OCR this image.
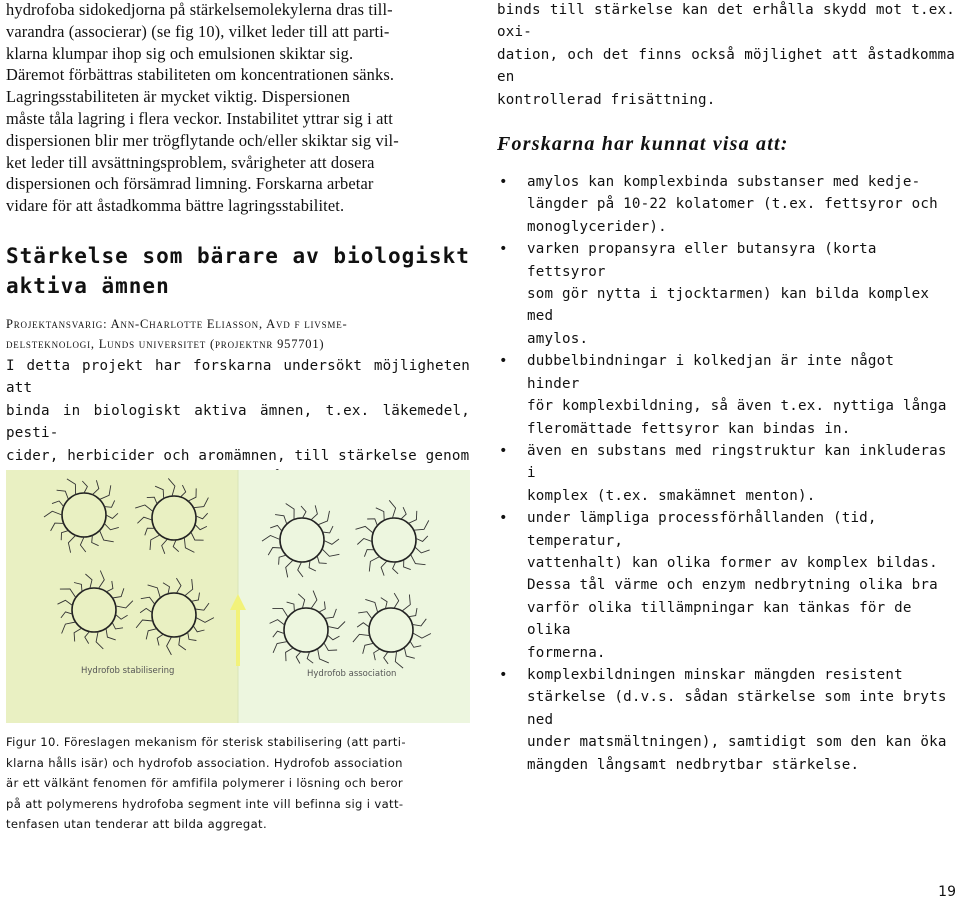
hydrofoba sidokedjorna på stärkelsemolekylerna dras till-
varandra (associerar) (se fig 10), vilket leder till att parti-
klarna klumpar ihop sig och emulsionen skiktar sig.
Däremot förbättras stabiliteten om koncentrationen sänks.
Lagringsstabiliteten är mycket viktig. Dispersionen
måste tåla lagring i flera veckor. Instabilitet yttrar sig i att
dispersionen blir mer trögflytande och/eller skiktar sig vil-
ket leder till avsättningsproblem, svårigheter att dosera
dispersionen och försämrad limning. Forskarna arbetar
vidare för att åstadkomma bättre lagringsstabilitet.
Stärkelse som bärare av biologiskt
aktiva ämnen
Projektansvarig: Ann-Charlotte Eliasson, Avd f livsme-
delsteknologi, Lunds universitet (projektnr 957701)
I detta projekt har forskarna undersökt möjligheten att
binda in biologiskt aktiva ämnen, t.ex. läkemedel, pesti-
cider, herbicider och aromämnen, till stärkelse genom
Hydrofob stabilisering	Hydrofob association
Figur 10. Föreslagen mekanism för sterisk stabilisering (att parti-
klarna hålls isär) och hydrofob association. Hydrofob association
är ett välkänt fenomen för amfifila polymerer i lösning och beror
på att polymerens hydrofoba segment inte vill befinna sig i vatt-
tenfasen utan tenderar att bilda aggregat.
binds till stärkelse kan det erhålla skydd mot t.ex. oxi-
dation, och det finns också möjlighet att åstadkomma en
kontrollerad frisättning.
Forskarna har kunnat visa att:
• amylos kan komplexbinda substanser med kedje-
längder på 10-22 kolatomer (t.ex. fettsyror och
monoglycerider).
• varken propansyra eller butansyra (korta fettsyror
som gör nytta i tjocktarmen) kan bilda komplex med
amylos.
• dubbelbindningar i kolkedjan är inte något hinder
för komplexbildning, så även t.ex. nyttiga långa
fleromättade fettsyror kan bindas in.
• även en substans med ringstruktur kan inkluderas i
komplex (t.ex. smakämnet menton).
• under lämpliga processförhållanden (tid, temperatur,
vattenhalt) kan olika former av komplex bildas.
Dessa tål värme och enzym nedbrytning olika bra
varför olika tillämpningar kan tänkas för de olika
formerna.
• komplexbildningen minskar mängden resistent
stärkelse (d.v.s. sådan stärkelse som inte bryts ned
under matsmältningen), samtidigt som den kan öka
mängden långsamt nedbrytbar stärkelse.
19
